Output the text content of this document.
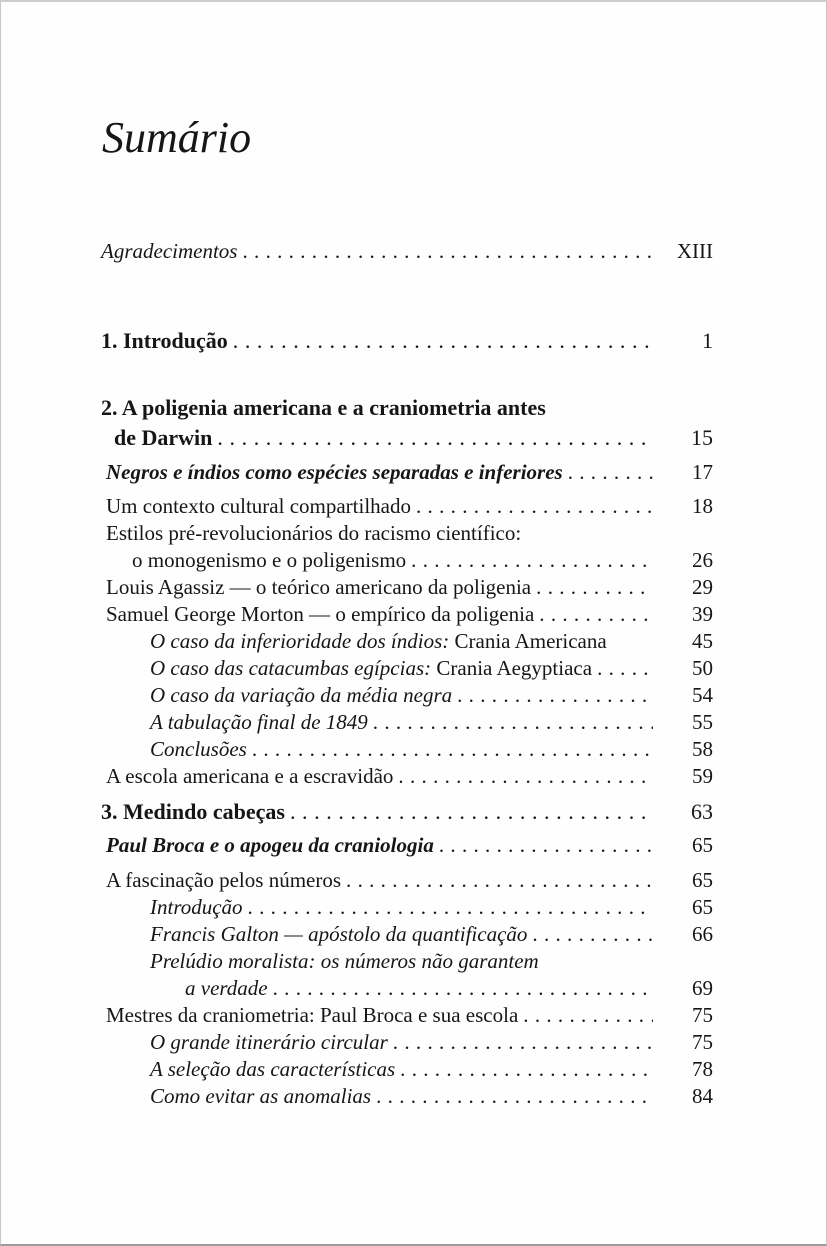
Sumário
Agradecimentos .....	XIII
1. Introdução .....	1
2. A poligenia americana e a craniometria antes
de Darwin .....	15
Negros e índios como espécies separadas e inferiores .....	17
Um contexto cultural compartilhado .....	18
Estilos pré-revolucionários do racismo científico:
o monogenismo e o poligenismo .....	26
Louis Agassiz — o teórico americano da poligenia .....	29
Samuel George Morton — o empírico da poligenia .....	39
O caso da inferioridade dos índios: Crania Americana	45
O caso das catacumbas egípcias: Crania Aegyptiaca .....	50
O caso da variação da média negra .....	54
A tabulação final de 1849 .....	55
Conclusões .....	58
A escola americana e a escravidão .....	59
3. Medindo cabeças .....	63
Paul Broca e o apogeu da craniologia .....	65
A fascinação pelos números .....	65
Introdução .....	65
Francis Galton — apóstolo da quantificação .....	66
Prelúdio moralista: os números não garantem
a verdade .....	69
Mestres da craniometria: Paul Broca e sua escola .....	75
O grande itinerário circular .....	75
A seleção das características .....	78
Como evitar as anomalias .....	84
